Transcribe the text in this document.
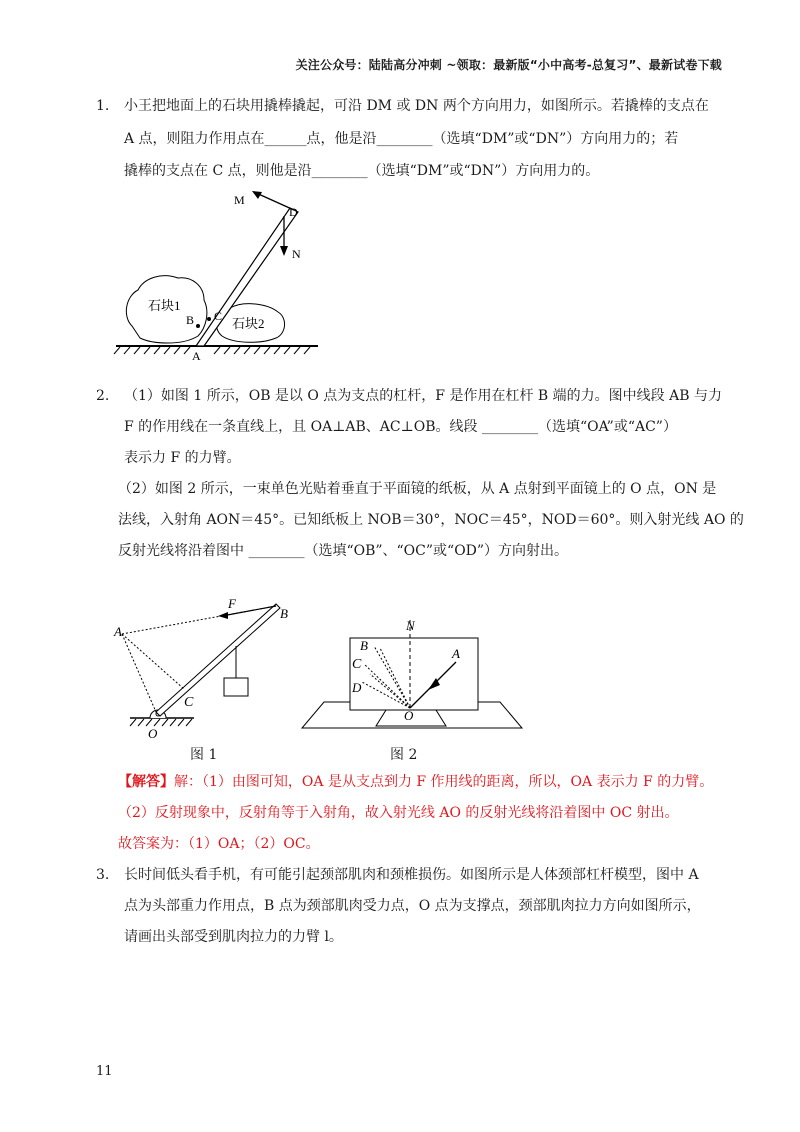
关注公众号：陆陆高分冲刺 ~领取：最新版“小中高考-总复习”、最新试卷下载
1. 小王把地面上的石块用撬棒撬起，可沿 DM 或 DN 两个方向用力，如图所示。若撬棒的支点在
A 点，则阻力作用点在______点，他是沿________（选填“DM”或“DN”）方向用力的；若
撬棒的支点在 C 点，则他是沿________（选填“DM”或“DN”）方向用力的。
M
D
N
B C
A
石块1
石块2
2. （1）如图 1 所示，OB 是以 O 点为支点的杠杆，F 是作用在杠杆 B 端的力。图中线段 AB 与力
F 的作用线在一条直线上，且 OA⊥AB、AC⊥OB。线段 ________（选填“OA”或“AC”）
表示力 F 的力臂。
（2）如图 2 所示，一束单色光贴着垂直于平面镜的纸板，从 A 点射到平面镜上的 O 点，ON 是
法线，入射角 AON＝45°。已知纸板上 NOB＝30°，NOC＝45°，NOD＝60°。则入射光线 AO 的
反射光线将沿着图中 ________（选填“OB”、“OC”或“OD”）方向射出。
F
B
A
C
O
图 1
N
A
B
C
D
O
图 2
【解答】解：（1）由图可知，OA 是从支点到力 F 作用线的距离，所以，OA 表示力 F 的力臂。
（2）反射现象中，反射角等于入射角，故入射光线 AO 的反射光线将沿着图中 OC 射出。
故答案为：（1）OA；（2）OC。
3. 长时间低头看手机，有可能引起颈部肌肉和颈椎损伤。如图所示是人体颈部杠杆模型，图中 A
点为头部重力作用点，B 点为颈部肌肉受力点，O 点为支撑点，颈部肌肉拉力方向如图所示，
请画出头部受到肌肉拉力的力臂 l。
11
